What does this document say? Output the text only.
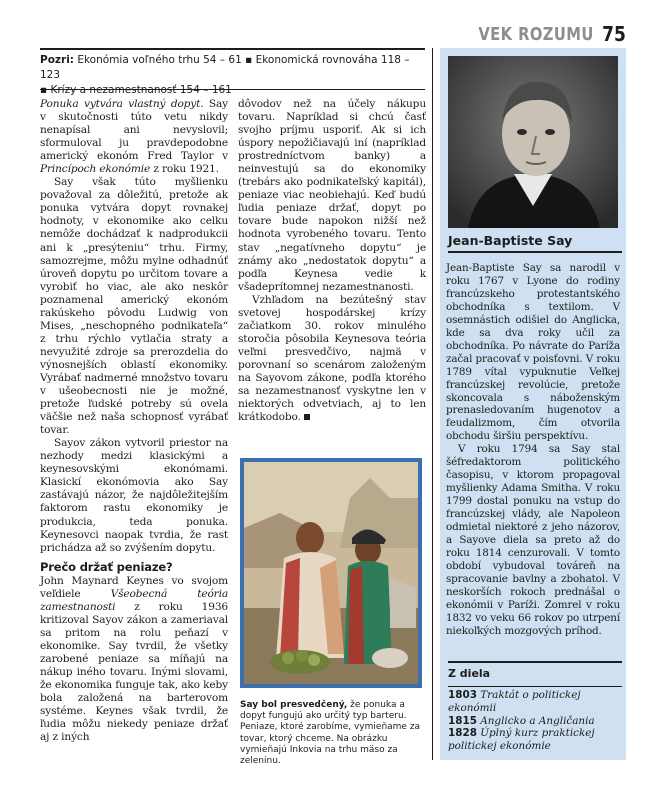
VEK ROZUMU 75
Pozri: Ekonómia voľného trhu 54 – 61 ▪ Ekonomická rovnováha 118 – 123
▪ Krízy a nezamestnanosť 154 – 161

Ponuka vytvára vlastný dopyt. Say v skutočnosti túto vetu nikdy nenapísal ani nevyslovil; sformuloval ju pravdepodobne americký ekonóm Fred Taylor v Princípoch ekonómie z roku 1921.

Say však túto myšlienku považoval za dôležitú, pretože ak ponuka vytvára dopyt rovnakej hodnoty, v ekonomike ako celku nemôže dochádzať k nadprodukcii ani k „presýteniu“ trhu. Firmy, samozrejme, môžu mylne odhadnúť úroveň dopytu po určitom tovare a vyrobiť ho viac, ale ako neskôr poznamenal americký ekonóm rakúskeho pôvodu Ludwig von Mises, „neschopného podnikateľa“ z trhu rýchlo vytlačia straty a nevyužité zdroje sa prerozdelia do výnosnejších oblastí ekonomiky. Vyrábať nadmerné množstvo tovaru v ušeobecnosti nie je možné, pretože ľudské potreby sú ovela väčšie než naša schopnosť vyrábať tovar.

Sayov zákon vytvoril priestor na nezhody medzi klasickými a keynesovskými ekonómami. Klasickí ekonómovia ako Say zastávajú názor, že najdôležitejším faktorom rastu ekonomiky je produkcia, teda ponuka. Keynesovci naopak tvrdia, že rast prichádza až so zvýšením dopytu.

Prečo držať peniaze?

John Maynard Keynes vo svojom veľdiele Všeobecná teória zamestnanosti z roku 1936 kritizoval Sayov zákon a zameriaval sa pritom na rolu peňazí v ekonomike. Say tvrdil, že všetky zarobené peniaze sa míňajú na nákup iného tovaru. Inými slovami, že ekonomika funguje tak, ako keby bola založená na barterovom systéme. Keynes však tvrdil, že ľudia môžu niekedy peniaze držať aj z iných

dôvodov než na účely nákupu tovaru. Napríklad si chcú časť svojho príjmu usporiť. Ak si ich úspory nepožičiavajú iní (napríklad prostredníctvom banky) a neinvestujú sa do ekonomiky (trebárs ako podnikateľský kapitál), peniaze viac neobiehajú. Keď budú ľudia peniaze držať, dopyt po tovare bude napokon nižší než hodnota vyrobeného tovaru. Tento stav „negatívneho dopytu“ je známy ako „nedostatok dopytu“ a podľa Keynesa vedie k všadeprítomnej nezamestnanosti.

Vzhľadom na bezútešný stav svetovej hospodárskej krízy začiatkom 30. rokov minulého storočia pôsobila Keynesova teória veľmi presvedčivo, najmä v porovnaní so scenárom založeným na Sayovom zákone, podľa ktorého sa nezamestnanosť vyskytne len v niektorých odvetviach, aj to len krátkodobo.

Say bol presvedčený, že ponuka a dopyt fungujú ako určitý typ barteru. Peniaze, ktoré zarobíme, vymieňame za tovar, ktorý chceme. Na obrázku vymieňajú Inkovia na trhu mäso za zeleninu.
Jean-Baptiste Say

Jean-Baptiste Say sa narodil v roku 1767 v Lyone do rodiny francúzskeho protestantského obchodníka s textilom. V osemnástich odišiel do Anglicka, kde sa dva roky učil za obchodníka. Po návrate do Paríža začal pracovať v poisťovni. V roku 1789 vítal vypuknutie Veľkej francúzskej revolúcie, pretože skoncovala s náboženským prenasledovaním hugenotov a feudalizmom, čím otvorila obchodu širšiu perspektívu.

V roku 1794 sa Say stal šéfredaktorom politického časopisu, v ktorom propagoval myšlienky Adama Smitha. V roku 1799 dostal ponuku na vstup do francúzskej vlády, ale Napoleon odmietal niektoré z jeho názorov, a Sayove diela sa preto až do roku 1814 cenzurovali. V tomto období vybudoval továreň na spracovanie bavlny a zbohatol. V neskorších rokoch prednášal o ekonómii v Paríži. Zomrel v roku 1832 vo veku 66 rokov po utrpení niekoľkých mozgových príhod.

Z diela
1803 Traktát o politickej ekonómii
1815 Anglicko a Angličania
1828 Úplný kurz praktickej politickej ekonómie
